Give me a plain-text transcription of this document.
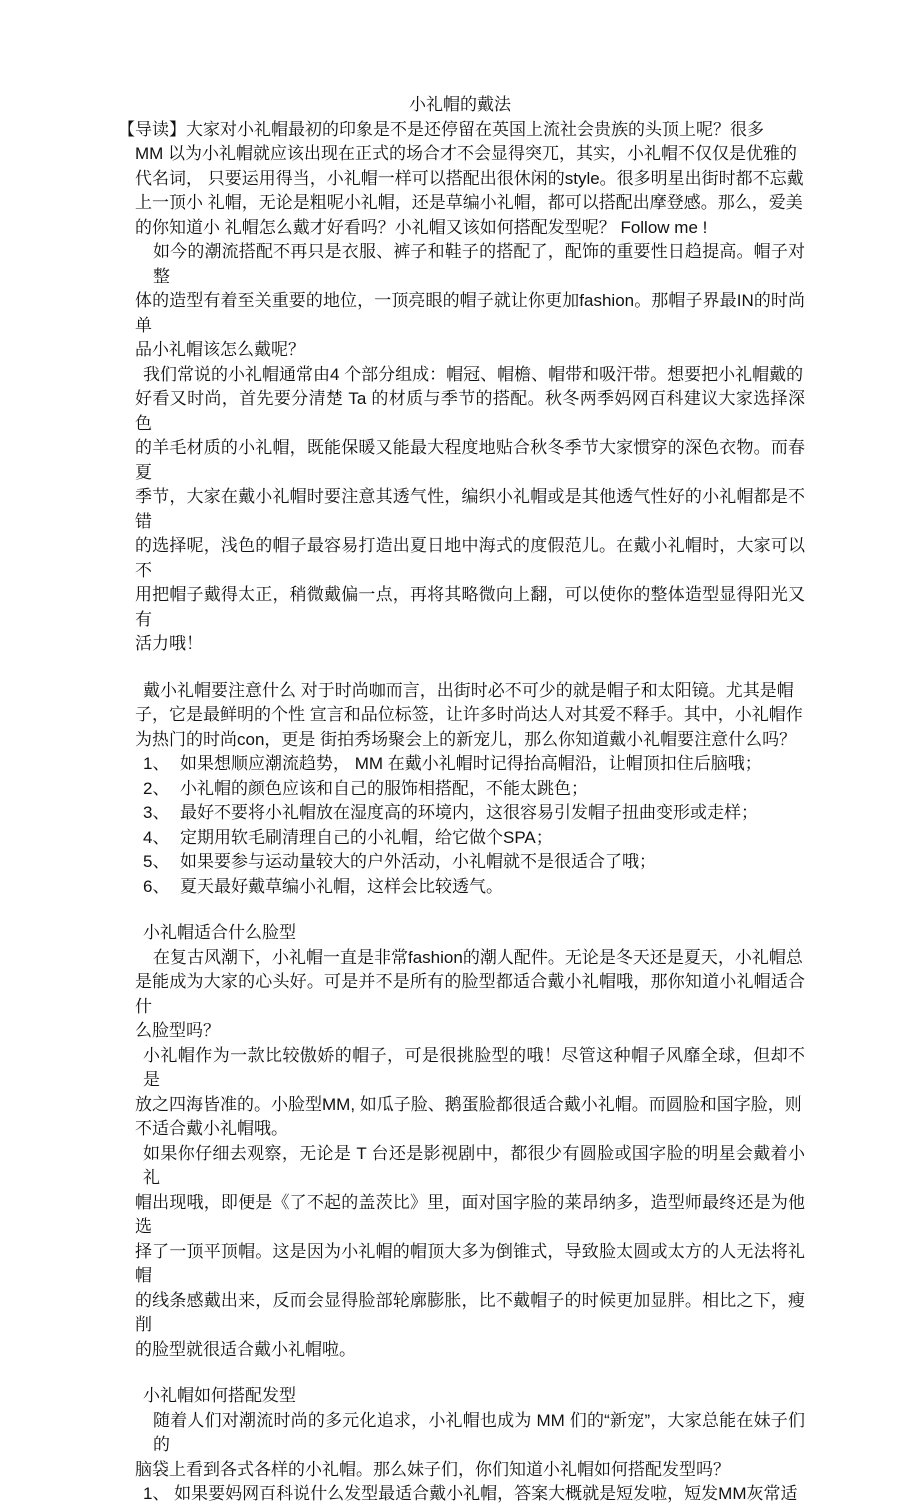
小礼帽的戴法
【导读】大家对小礼帽最初的印象是不是还停留在英国上流社会贵族的头顶上呢？很多
MM 以为小礼帽就应该出现在正式的场合才不会显得突兀，其实，小礼帽不仅仅是优雅的
代名词， 只要运用得当，小礼帽一样可以搭配出很休闲的style。很多明星出街时都不忘戴
上一顶小 礼帽，无论是粗呢小礼帽，还是草编小礼帽，都可以搭配出摩登感。那么，爱美
的你知道小 礼帽怎么戴才好看吗？小礼帽又该如何搭配发型呢？ Follow me !
如今的潮流搭配不再只是衣服、裤子和鞋子的搭配了，配饰的重要性日趋提高。帽子对整
体的造型有着至关重要的地位，一顶亮眼的帽子就让你更加fashion。那帽子界最IN的时尚 单
品小礼帽该怎么戴呢？
我们常说的小礼帽通常由4 个部分组成：帽冠、帽檐、帽带和吸汗带。想要把小礼帽戴的
好看又时尚，首先要分清楚 Ta 的材质与季节的搭配。秋冬两季妈网百科建议大家选择深色
的羊毛材质的小礼帽，既能保暖又能最大程度地贴合秋冬季节大家惯穿的深色衣物。而春夏
季节，大家在戴小礼帽时要注意其透气性，编织小礼帽或是其他透气性好的小礼帽都是不错
的选择呢，浅色的帽子最容易打造出夏日地中海式的度假范儿。在戴小礼帽时，大家可以不
用把帽子戴得太正，稍微戴偏一点，再将其略微向上翻，可以使你的整体造型显得阳光又有
活力哦！
戴小礼帽要注意什么 对于时尚咖而言，出街时必不可少的就是帽子和太阳镜。尤其是帽
子，它是最鲜明的个性 宣言和品位标签，让许多时尚达人对其爱不释手。其中，小礼帽作
为热门的时尚con，更是 街拍秀场聚会上的新宠儿，那么你知道戴小礼帽要注意什么吗？
1、 如果想顺应潮流趋势， MM 在戴小礼帽时记得抬高帽沿，让帽顶扣住后脑哦；
2、 小礼帽的颜色应该和自己的服饰相搭配，不能太跳色；
3、 最好不要将小礼帽放在湿度高的环境内，这很容易引发帽子扭曲变形或走样；
4、 定期用软毛刷清理自己的小礼帽，给它做个SPA；
5、 如果要参与运动量较大的户外活动，小礼帽就不是很适合了哦；
6、 夏天最好戴草编小礼帽，这样会比较透气。
小礼帽适合什么脸型
在复古风潮下，小礼帽一直是非常fashion的潮人配件。无论是冬天还是夏天，小礼帽总
是能成为大家的心头好。可是并不是所有的脸型都适合戴小礼帽哦，那你知道小礼帽适合什
么脸型吗？
小礼帽作为一款比较傲娇的帽子，可是很挑脸型的哦！尽管这种帽子风靡全球，但却不是
放之四海皆准的。小脸型MM, 如瓜子脸、鹅蛋脸都很适合戴小礼帽。而圆脸和国字脸，则
不适合戴小礼帽哦。
如果你仔细去观察，无论是 T 台还是影视剧中，都很少有圆脸或国字脸的明星会戴着小礼
帽出现哦，即便是《了不起的盖茨比》里，面对国字脸的莱昂纳多，造型师最终还是为他选
择了一顶平顶帽。这是因为小礼帽的帽顶大多为倒锥式，导致脸太圆或太方的人无法将礼帽
的线条感戴出来，反而会显得脸部轮廓膨胀，比不戴帽子的时候更加显胖。相比之下，瘦削
的脸型就很适合戴小礼帽啦。
小礼帽如何搭配发型
随着人们对潮流时尚的多元化追求，小礼帽也成为 MM 们的“新宠”，大家总能在妹子们的
脑袋上看到各式各样的小礼帽。那么妹子们，你们知道小礼帽如何搭配发型吗？
1、 如果要妈网百科说什么发型最适合戴小礼帽，答案大概就是短发啦，短发MM灰常适
